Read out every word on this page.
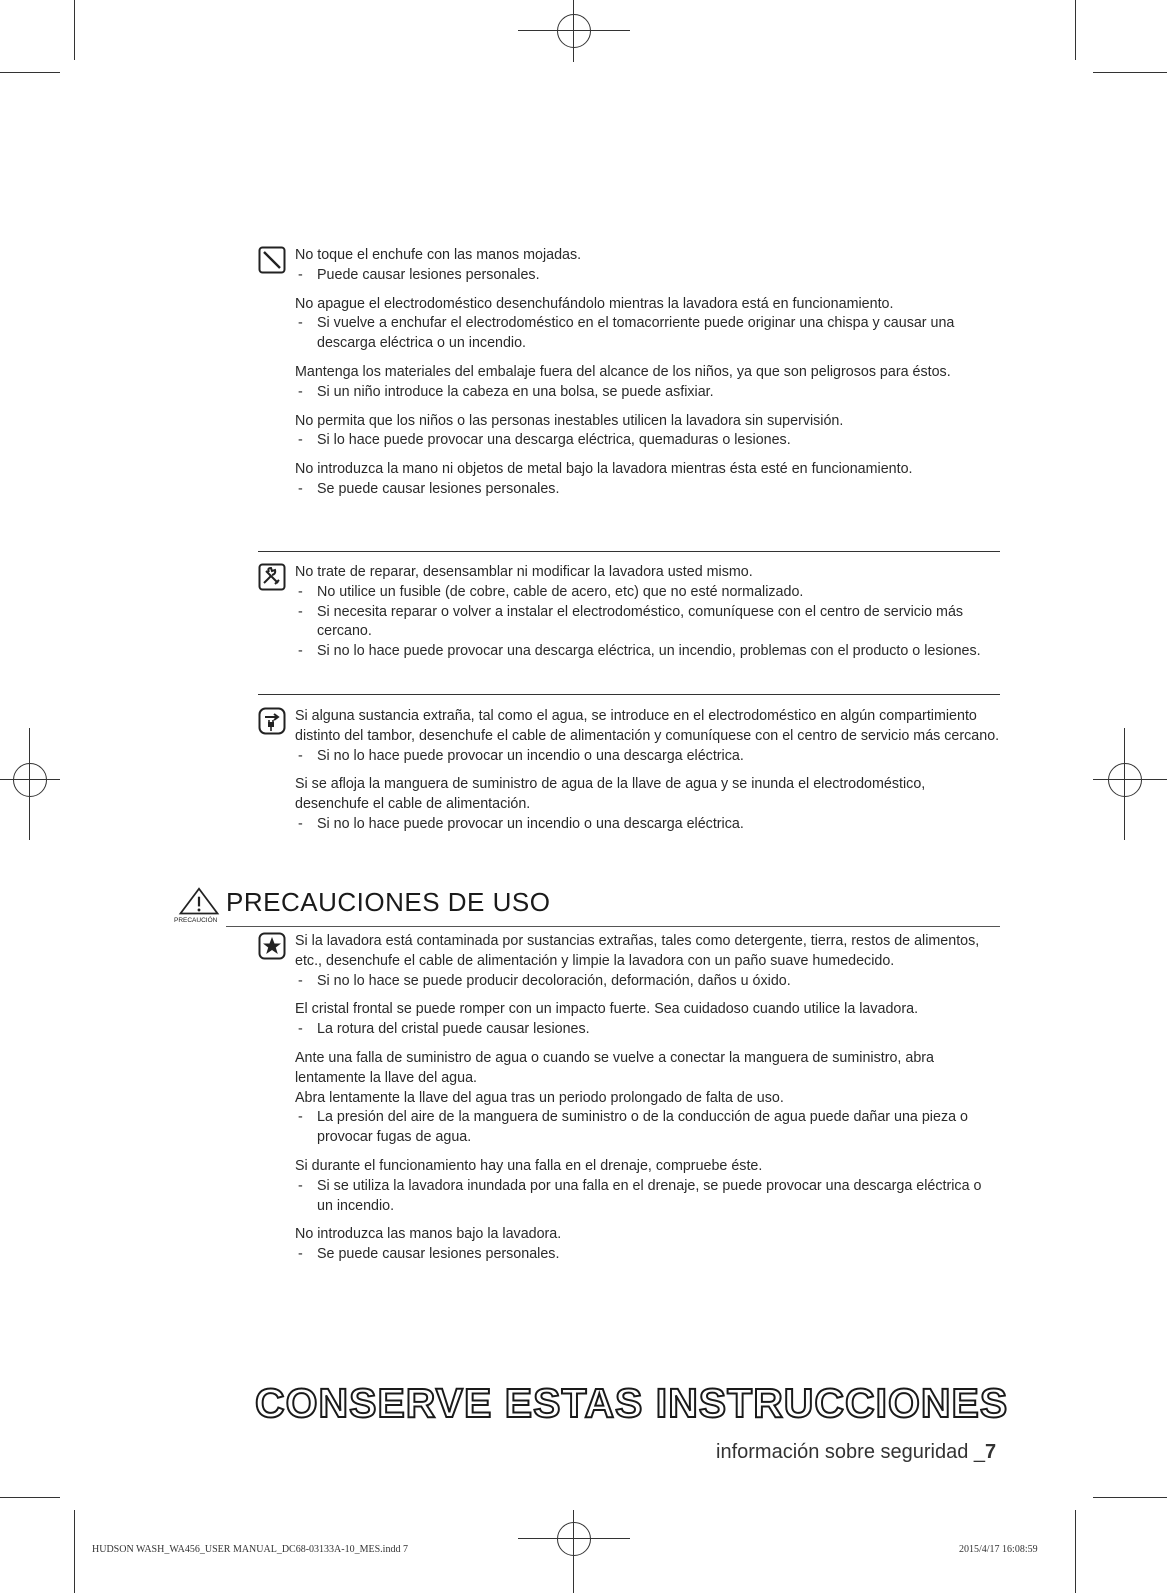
No toque el enchufe con las manos mojadas.
- Puede causar lesiones personales.
No apague el electrodoméstico desenchufándolo mientras la lavadora está en funcionamiento.
- Si vuelve a enchufar el electrodoméstico en el tomacorriente puede originar una chispa y causar una descarga eléctrica o un incendio.
Mantenga los materiales del embalaje fuera del alcance de los niños, ya que son peligrosos para éstos.
- Si un niño introduce la cabeza en una bolsa, se puede asfixiar.
No permita que los niños o las personas inestables utilicen la lavadora sin supervisión.
- Si lo hace puede provocar una descarga eléctrica, quemaduras o lesiones.
No introduzca la mano ni objetos de metal bajo la lavadora mientras ésta esté en funcionamiento.
- Se puede causar lesiones personales.
No trate de reparar, desensamblar ni modificar la lavadora usted mismo.
- No utilice un fusible (de cobre, cable de acero, etc) que no esté normalizado.
- Si necesita reparar o volver a instalar el electrodoméstico, comuníquese con el centro de servicio más cercano.
- Si no lo hace puede provocar una descarga eléctrica, un incendio, problemas con el producto o lesiones.
Si alguna sustancia extraña, tal como el agua, se introduce en el electrodoméstico en algún compartimiento distinto del tambor, desenchufe el cable de alimentación y comuníquese con el centro de servicio más cercano.
- Si no lo hace puede provocar un incendio o una descarga eléctrica.
Si se afloja la manguera de suministro de agua de la llave de agua y se inunda el electrodoméstico, desenchufe el cable de alimentación.
- Si no lo hace puede provocar un incendio o una descarga eléctrica.
PRECAUCIÓN
PRECAUCIONES DE USO
Si la lavadora está contaminada por sustancias extrañas, tales como detergente, tierra, restos de alimentos, etc., desenchufe el cable de alimentación y limpie la lavadora con un paño suave humedecido.
- Si no lo hace se puede producir decoloración, deformación, daños u óxido.
El cristal frontal se puede romper con un impacto fuerte. Sea cuidadoso cuando utilice la lavadora.
- La rotura del cristal puede causar lesiones.
Ante una falla de suministro de agua o cuando se vuelve a conectar la manguera de suministro, abra lentamente la llave del agua.
Abra lentamente la llave del agua tras un periodo prolongado de falta de uso.
- La presión del aire de la manguera de suministro o de la conducción de agua puede dañar una pieza o provocar fugas de agua.
Si durante el funcionamiento hay una falla en el drenaje, compruebe éste.
- Si se utiliza la lavadora inundada por una falla en el drenaje, se puede provocar una descarga eléctrica o un incendio.
No introduzca las manos bajo la lavadora.
- Se puede causar lesiones personales.
CONSERVE ESTAS INSTRUCCIONES
información sobre seguridad _7
HUDSON WASH_WA456_USER MANUAL_DC68-03133A-10_MES.indd 7	2015/4/17 16:08:59
